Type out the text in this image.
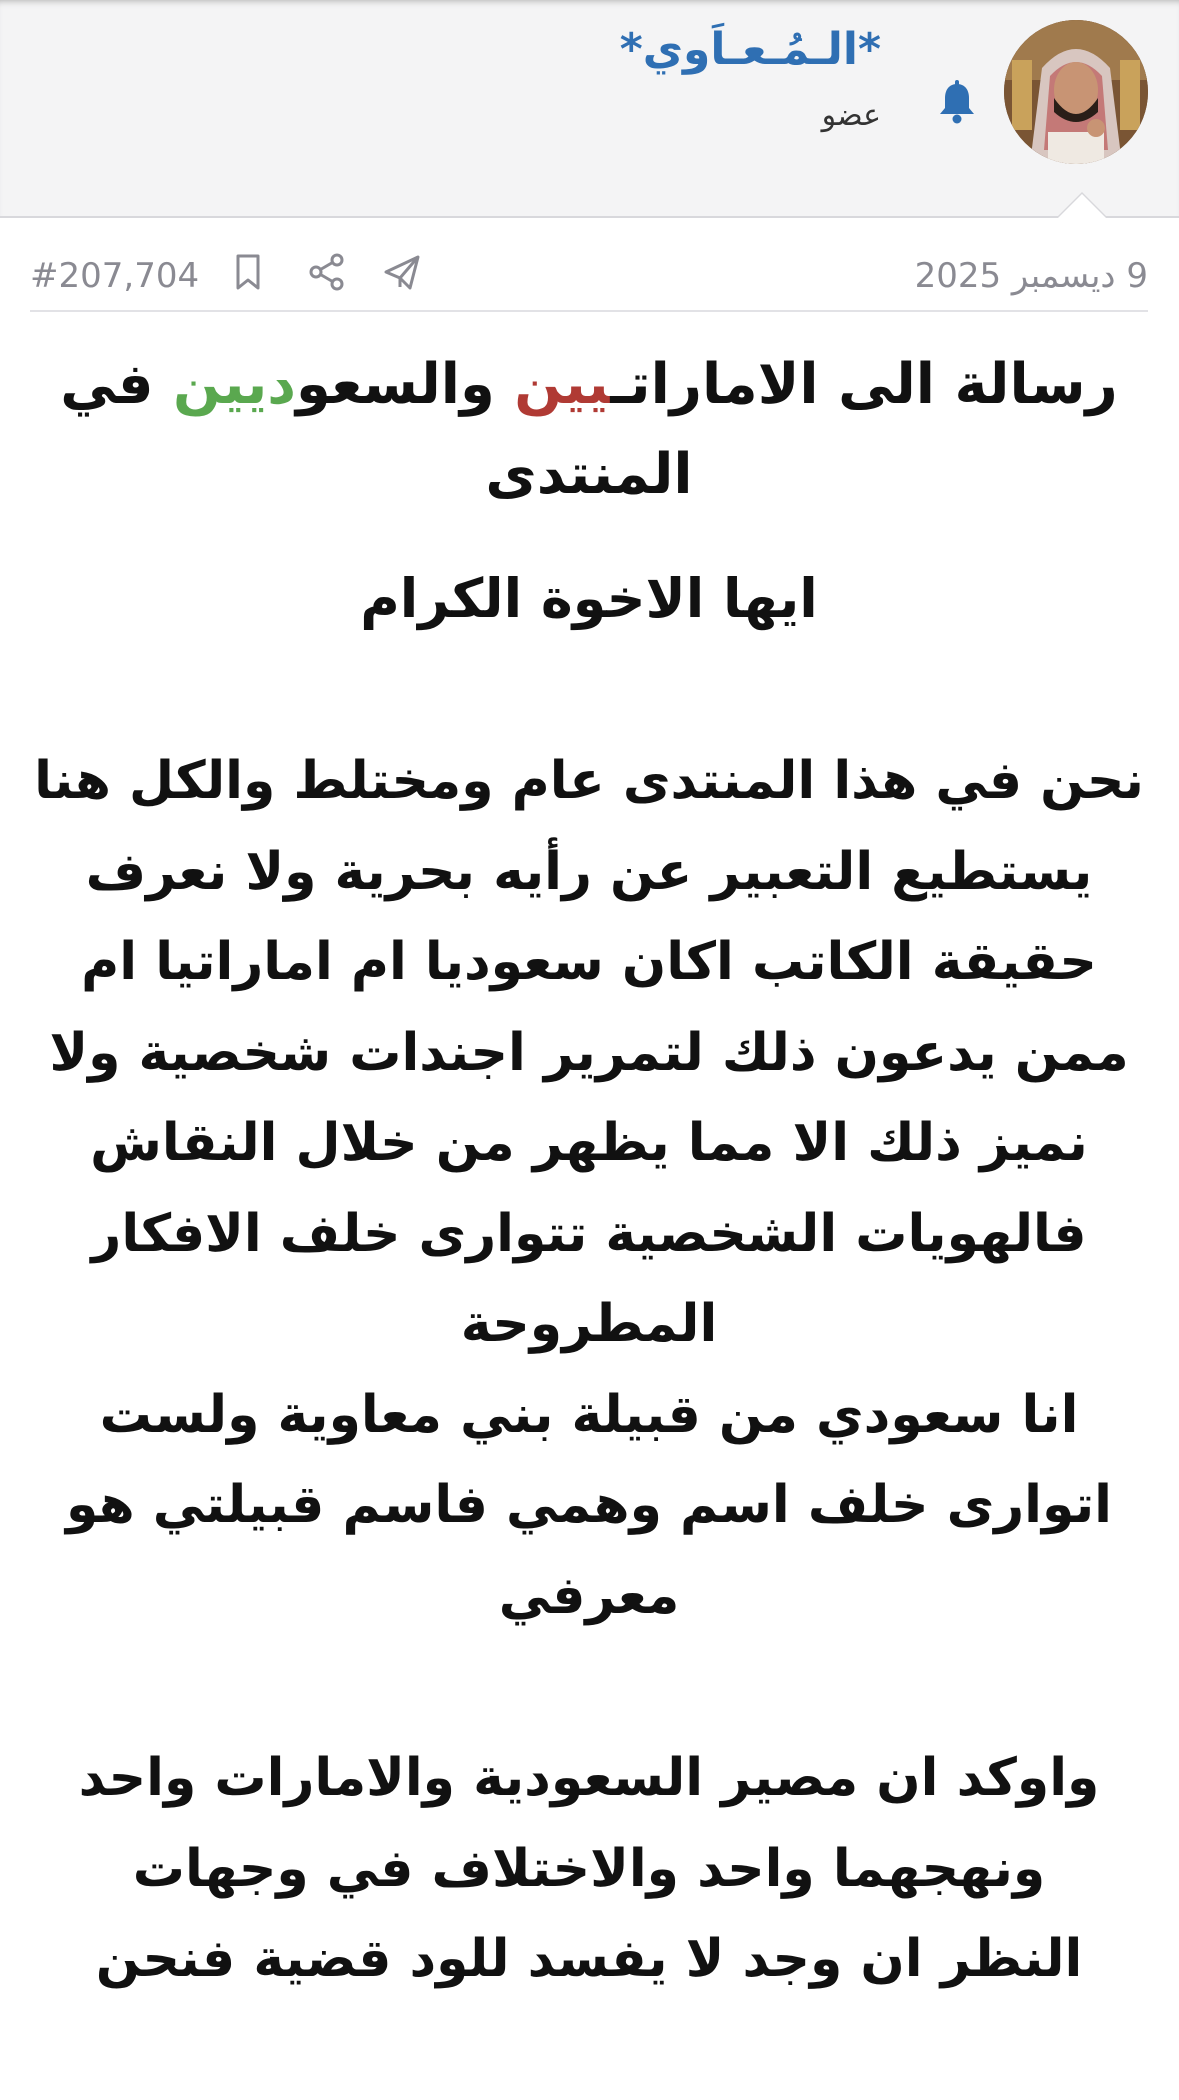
*الـمُـعـاَوي*
عضو
#207,704	9 ديسمبر 2025

رسالة الى الاماراتـيين والسعوديين في المنتدى

ايها الاخوة الكرام

نحن في هذا المنتدى عام ومختلط والكل هنا

يستطيع التعبير عن رأيه بحرية ولا نعرف

حقيقة الكاتب اكان سعوديا ام اماراتيا ام

ممن يدعون ذلك لتمرير اجندات شخصية ولا

نميز ذلك الا مما يظهر من خلال النقاش

فالهويات الشخصية تتوارى خلف الافكار

المطروحة

انا سعودي من قبيلة بني معاوية ولست

اتوارى خلف اسم وهمي فاسم قبيلتي هو

معرفي

واوكد ان مصير السعودية والامارات واحد

ونهجهما واحد والاختلاف في وجهات

النظر ان وجد لا يفسد للود قضية فنحن
